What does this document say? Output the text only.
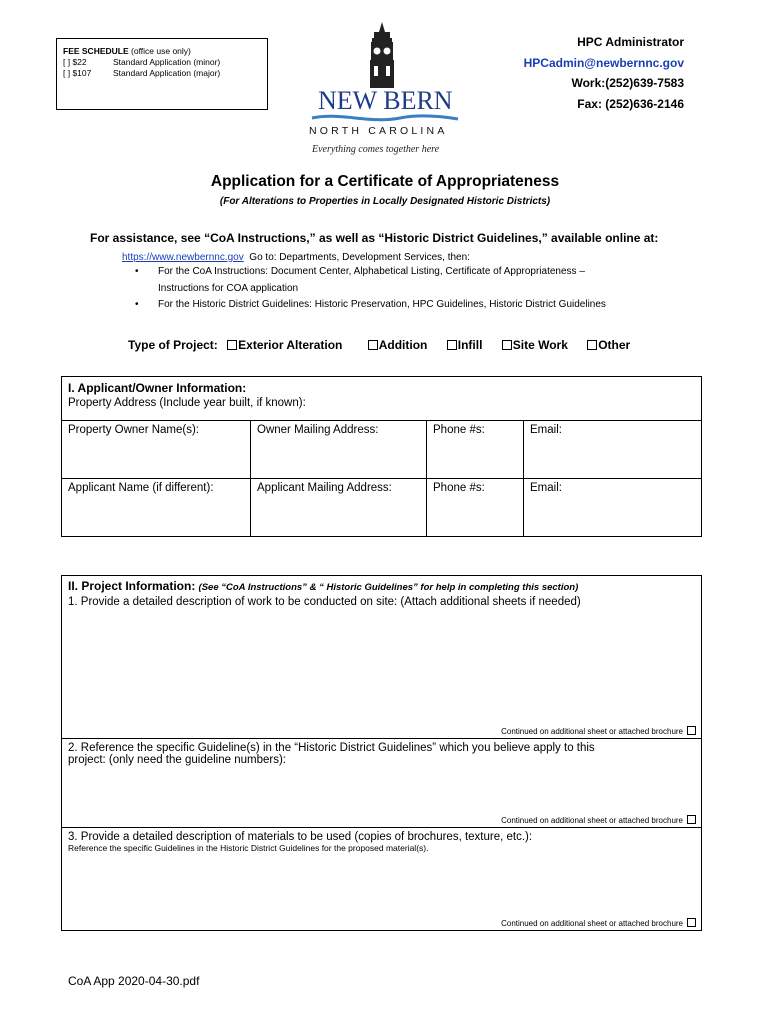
FEE SCHEDULE (office use only)
[ ] $22	Standard Application (minor)
[ ] $107	Standard Application (major)
NEW BERN
NORTH CAROLINA
Everything comes together here
HPC Administrator
HPCadmin@newbernnc.gov
Work:(252)639-7583
Fax: (252)636-2146
Application for a Certificate of Appropriateness
(For Alterations to Properties in Locally Designated Historic Districts)
For assistance, see “CoA Instructions,” as well as “Historic District Guidelines,” available online at:
https://www.newbernnc.gov Go to: Departments, Development Services, then:
• For the CoA Instructions: Document Center, Alphabetical Listing, Certificate of Appropriateness –
Instructions for COA application
• For the Historic District Guidelines: Historic Preservation, HPC Guidelines, Historic District Guidelines
Type of Project: Exterior Alteration	Addition	Infill	Site Work	Other
I. Applicant/Owner Information:
Property Address (Include year built, if known):			

Property Owner Name(s):	Owner Mailing Address:	Phone #s:	Email:
Applicant Name (if different):	Applicant Mailing Address:	Phone #s:	Email:
II. Project Information: (See “CoA Instructions” & “ Historic Guidelines” for help in completing this section)
1. Provide a detailed description of work to be conducted on site: (Attach additional sheets if needed)
Continued on additional sheet or attached brochure

2. Reference the specific Guideline(s) in the “Historic District Guidelines” which you believe apply to this
project: (only need the guideline numbers):
Continued on additional sheet or attached brochure

3. Provide a detailed description of materials to be used (copies of brochures, texture, etc.):
Reference the specific Guidelines in the Historic District Guidelines for the proposed material(s).
Continued on additional sheet or attached brochure
CoA App 2020-04-30.pdf
